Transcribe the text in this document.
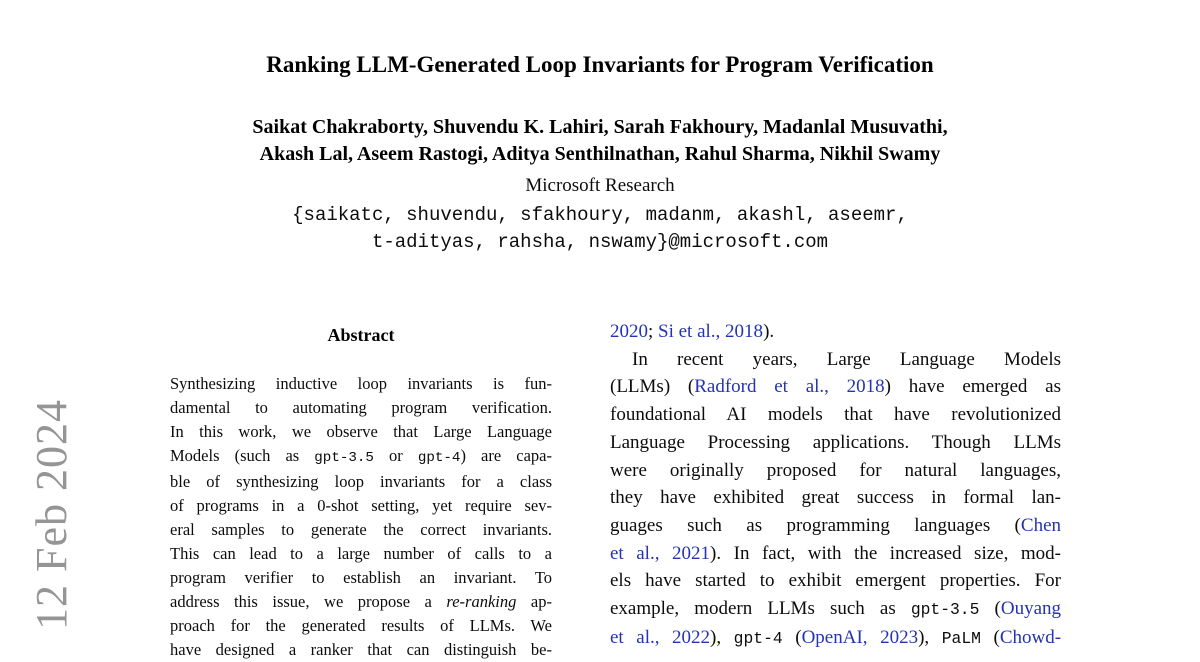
12 Feb 2024
Ranking LLM-Generated Loop Invariants for Program Verification
Saikat Chakraborty, Shuvendu K. Lahiri, Sarah Fakhoury, Madanlal Musuvathi,
Akash Lal, Aseem Rastogi, Aditya Senthilnathan, Rahul Sharma, Nikhil Swamy
Microsoft Research
{saikatc, shuvendu, sfakhoury, madanm, akashl, aseemr,
t-adityas, rahsha, nswamy}@microsoft.com
Abstract
Synthesizing inductive loop invariants is fun-
damental to automating program verification.
In this work, we observe that Large Language
Models (such as gpt-3.5 or gpt-4) are capa-
ble of synthesizing loop invariants for a class
of programs in a 0-shot setting, yet require sev-
eral samples to generate the correct invariants.
This can lead to a large number of calls to a
program verifier to establish an invariant. To
address this issue, we propose a re-ranking ap-
proach for the generated results of LLMs. We
have designed a ranker that can distinguish be-
2020; Si et al., 2018).
In recent years, Large Language Models
(LLMs) (Radford et al., 2018) have emerged as
foundational AI models that have revolutionized
Language Processing applications. Though LLMs
were originally proposed for natural languages,
they have exhibited great success in formal lan-
guages such as programming languages (Chen
et al., 2021). In fact, with the increased size, mod-
els have started to exhibit emergent properties. For
example, modern LLMs such as gpt-3.5 (Ouyang
et al., 2022), gpt-4 (OpenAI, 2023), PaLM (Chowd-
